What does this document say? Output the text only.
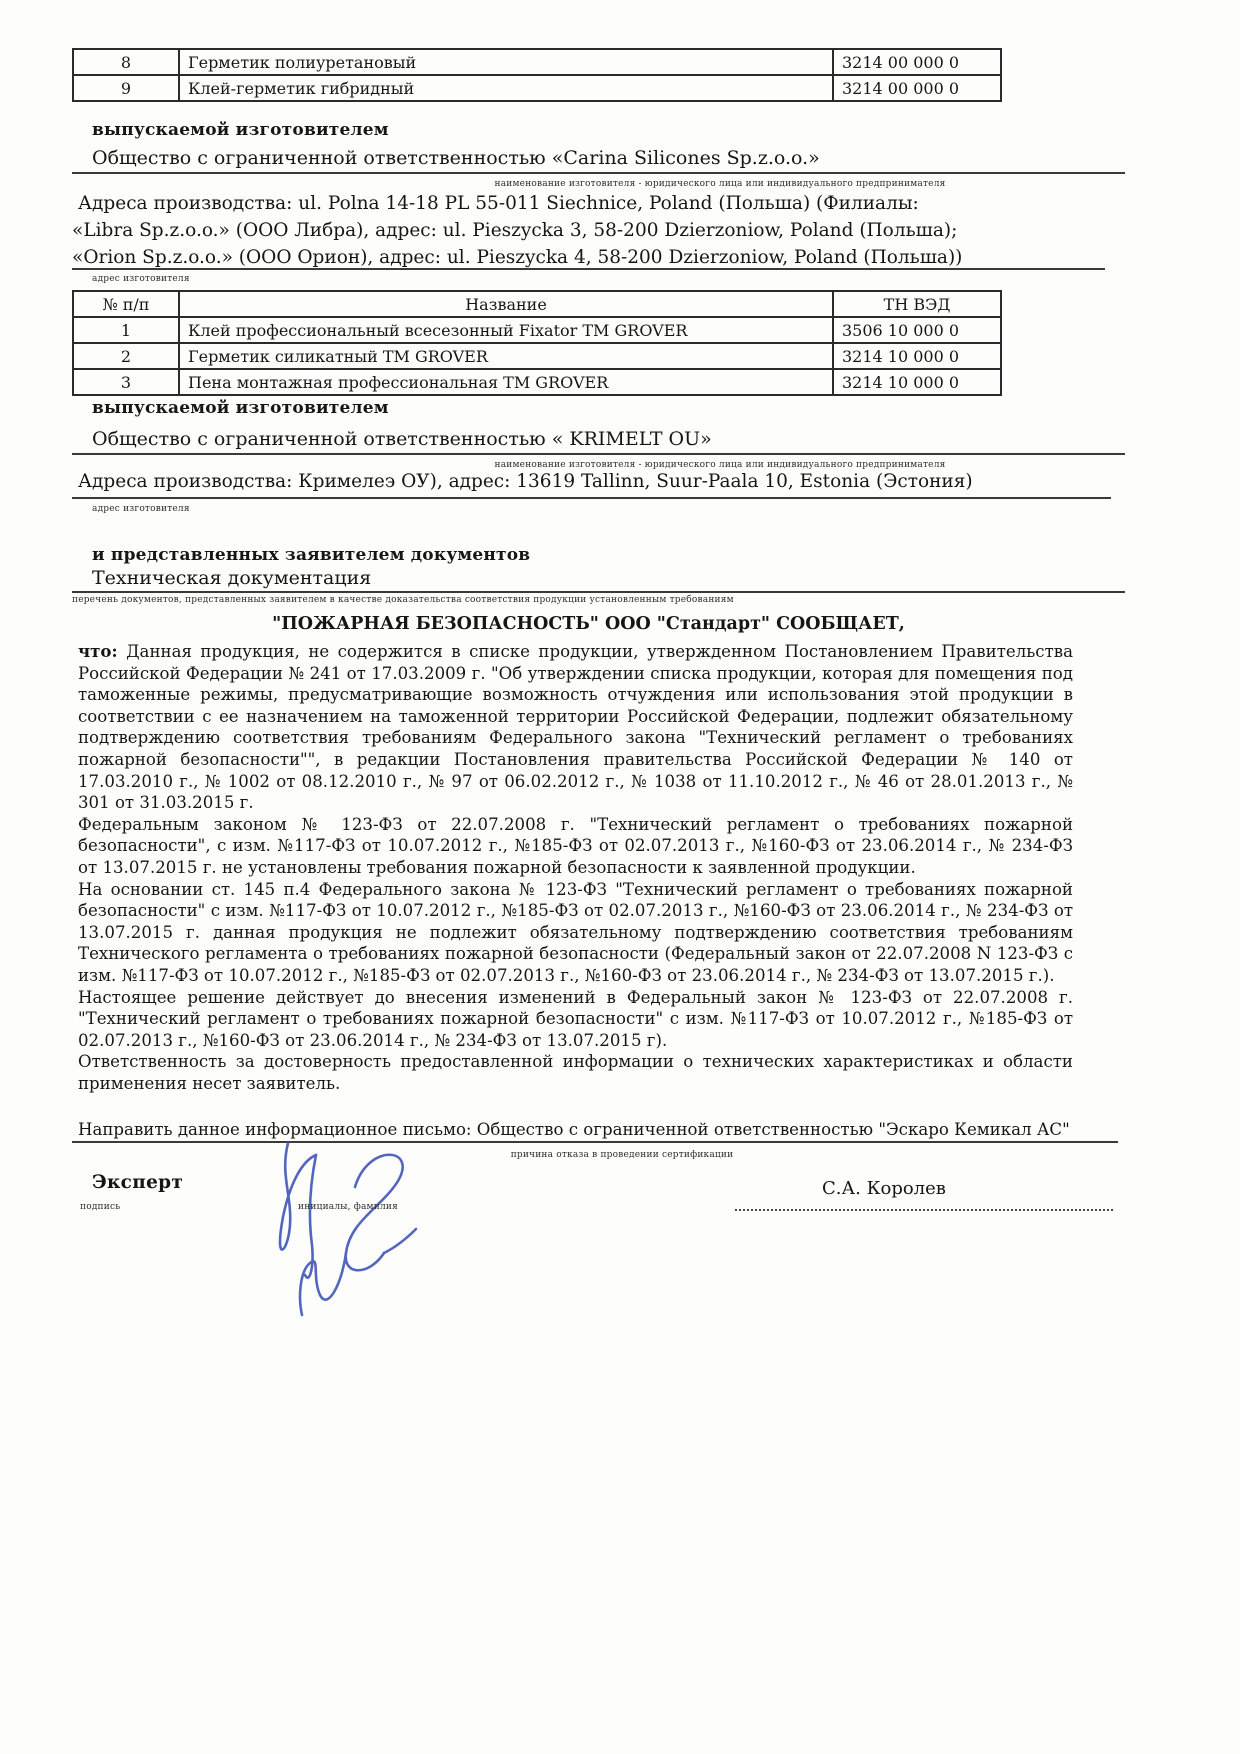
8	Герметик полиуретановый	3214 00 000 0
9	Клей-герметик гибридный	3214 00 000 0
выпускаемой изготовителем
Общество с ограниченной ответственностью «Carina Silicones Sp.z.o.o.»
наименование изготовителя - юридического лица или индивидуального предпринимателя
Адреса производства: ul. Polna 14-18 PL 55-011 Siechnice, Poland (Польша) (Филиалы:
«Libra Sp.z.o.o.» (ООО Либра), адрес: ul. Pieszycka 3, 58-200 Dzierzoniow, Poland (Польша);
«Orion Sp.z.o.o.» (ООО Орион), адрес: ul. Pieszycka 4, 58-200 Dzierzoniow, Poland (Польша))
адрес изготовителя
№ п/п	Название	ТН ВЭД
1	Клей профессиональный всесезонный Fixator TM GROVER	3506 10 000 0
2	Герметик силикатный TM GROVER	3214 10 000 0
3	Пена монтажная профессиональная TM GROVER	3214 10 000 0
выпускаемой изготовителем
Общество с ограниченной ответственностью « KRIMELT OU»
наименование изготовителя - юридического лица или индивидуального предпринимателя
Адреса производства: Кримелеэ ОУ), адрес: 13619 Tallinn, Suur-Paala 10, Estonia (Эстония)
адрес изготовителя
и представленных заявителем документов
Техническая документация
перечень документов, представленных заявителем в качестве доказательства соответствия продукции установленным требованиям
"ПОЖАРНАЯ БЕЗОПАСНОСТЬ" ООО "Стандарт" СООБЩАЕТ,

что: Данная продукция, не содержится в списке продукции, утвержденном Постановлением Правительства Российской Федерации № 241 от 17.03.2009 г. "Об утверждении списка продукции, которая для помещения под таможенные режимы, предусматривающие возможность отчуждения или использования этой продукции в соответствии с ее назначением на таможенной территории Российской Федерации, подлежит обязательному подтверждению соответствия требованиям Федерального закона "Технический регламент о требованиях пожарной безопасности"", в редакции Постановления правительства Российской Федерации № 140 от 17.03.2010 г., № 1002 от 08.12.2010 г., № 97 от 06.02.2012 г., № 1038 от 11.10.2012 г., № 46 от 28.01.2013 г., № 301 от 31.03.2015 г.

Федеральным законом № 123-ФЗ от 22.07.2008 г. "Технический регламент о требованиях пожарной безопасности", с изм. №117-ФЗ от 10.07.2012 г., №185-ФЗ от 02.07.2013 г., №160-ФЗ от 23.06.2014 г., № 234-ФЗ от 13.07.2015 г. не установлены требования пожарной безопасности к заявленной продукции.

На основании ст. 145 п.4 Федерального закона № 123-ФЗ "Технический регламент о требованиях пожарной безопасности" с изм. №117-ФЗ от 10.07.2012 г., №185-ФЗ от 02.07.2013 г., №160-ФЗ от 23.06.2014 г., № 234-ФЗ от 13.07.2015 г. данная продукция не подлежит обязательному подтверждению соответствия требованиям Технического регламента о требованиях пожарной безопасности (Федеральный закон от 22.07.2008 N 123-ФЗ с изм. №117-ФЗ от 10.07.2012 г., №185-ФЗ от 02.07.2013 г., №160-ФЗ от 23.06.2014 г., № 234-ФЗ от 13.07.2015 г.).

Настоящее решение действует до внесения изменений в Федеральный закон № 123-ФЗ от 22.07.2008 г. "Технический регламент о требованиях пожарной безопасности" с изм. №117-ФЗ от 10.07.2012 г., №185-ФЗ от 02.07.2013 г., №160-ФЗ от 23.06.2014 г., № 234-ФЗ от 13.07.2015 г).

Ответственность за достоверность предоставленной информации о технических характеристиках и области применения несет заявитель.

Направить данное информационное письмо: Общество с ограниченной ответственностью "Эскаро Кемикал АС"
причина отказа в проведении сертификации
Эксперт
подпись	инициалы, фамилия
С.А. Королев
